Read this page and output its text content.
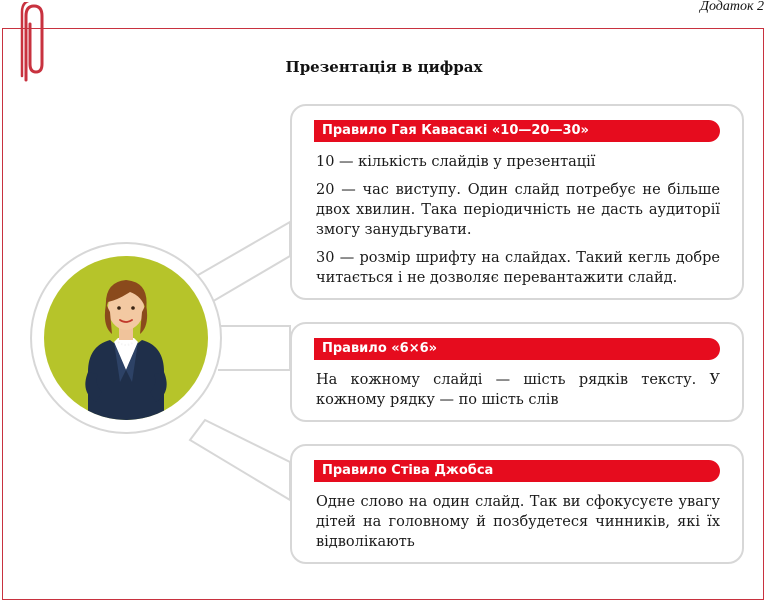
Додаток 2
Презентація в цифрах
Правило Гая Кавасакі «10—20—30»

10 — кількість слайдів у презентації

20 — час виступу. Один слайд потребує не більше двох хвилин. Така періодичність не дасть аудиторії змогу занудьгувати.

30 — розмір шрифту на слайдах. Такий кегль добре читається і не дозволяє перевантажити слайд.

Правило «6×6»

На кожному слайді — шість рядків тексту. У кожному рядку — по шість слів

Правило Стіва Джобса

Одне слово на один слайд. Так ви сфокусуєте увагу дітей на головному й позбудетеся чинників, які їх відволікають
